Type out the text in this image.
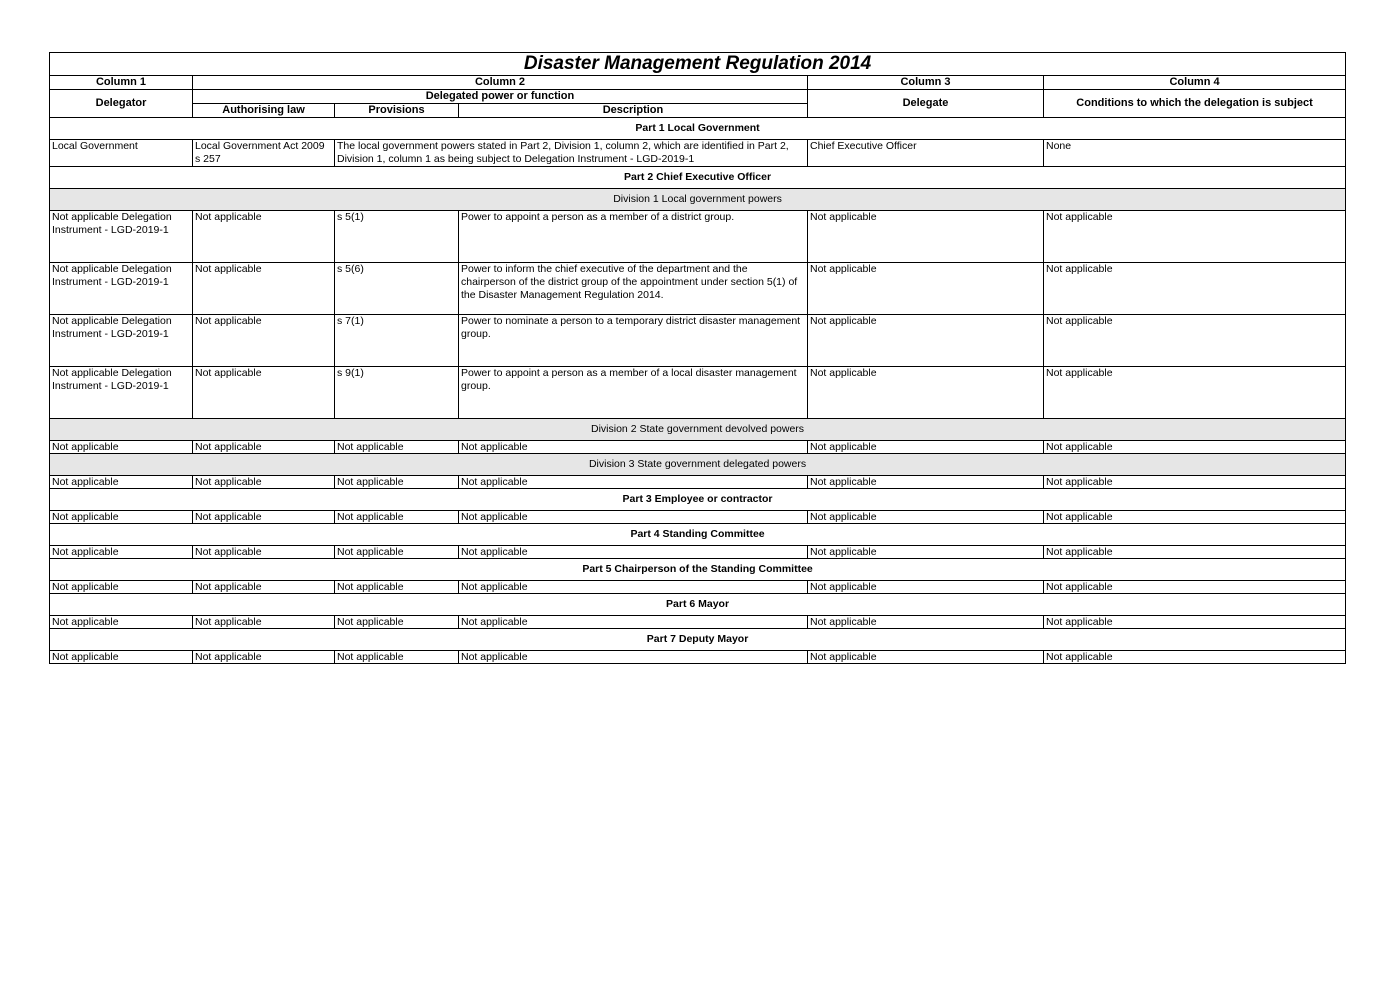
Disaster Management Regulation 2014					
Column 1	Column 2			Column 3	Column 4
Delegator	Delegated power or function			Delegate	Conditions to which the delegation is subject
	Authorising law	Provisions	Description		
Part 1 Local Government					
Local Government	Local Government Act 2009 s 257	The local government powers stated in Part 2, Division 1, column 2, which are identified in Part 2, Division 1, column 1 as being subject to Delegation Instrument - LGD-2019-1		Chief Executive Officer	None
Part 2 Chief Executive Officer					
Division 1 Local government powers					
Not applicable Delegation Instrument - LGD-2019-1	Not applicable	s 5(1)	Power to appoint a person as a member of a district group.	Not applicable	Not applicable
Not applicable Delegation Instrument - LGD-2019-1	Not applicable	s 5(6)	Power to inform the chief executive of the department and the chairperson of the district group of the appointment under section 5(1) of the Disaster Management Regulation 2014.	Not applicable	Not applicable
Not applicable Delegation Instrument - LGD-2019-1	Not applicable	s 7(1)	Power to nominate a person to a temporary district disaster management group.	Not applicable	Not applicable
Not applicable Delegation Instrument - LGD-2019-1	Not applicable	s 9(1)	Power to appoint a person as a member of a local disaster management group.	Not applicable	Not applicable
Division 2 State government devolved powers					
Not applicable	Not applicable	Not applicable	Not applicable	Not applicable	Not applicable
Division 3 State government delegated powers					
Not applicable	Not applicable	Not applicable	Not applicable	Not applicable	Not applicable
Part 3 Employee or contractor					
Not applicable	Not applicable	Not applicable	Not applicable	Not applicable	Not applicable
Part 4 Standing Committee					
Not applicable	Not applicable	Not applicable	Not applicable	Not applicable	Not applicable
Part 5 Chairperson of the Standing Committee					
Not applicable	Not applicable	Not applicable	Not applicable	Not applicable	Not applicable
Part 6 Mayor					
Not applicable	Not applicable	Not applicable	Not applicable	Not applicable	Not applicable
Part 7 Deputy Mayor					
Not applicable	Not applicable	Not applicable	Not applicable	Not applicable	Not applicable
